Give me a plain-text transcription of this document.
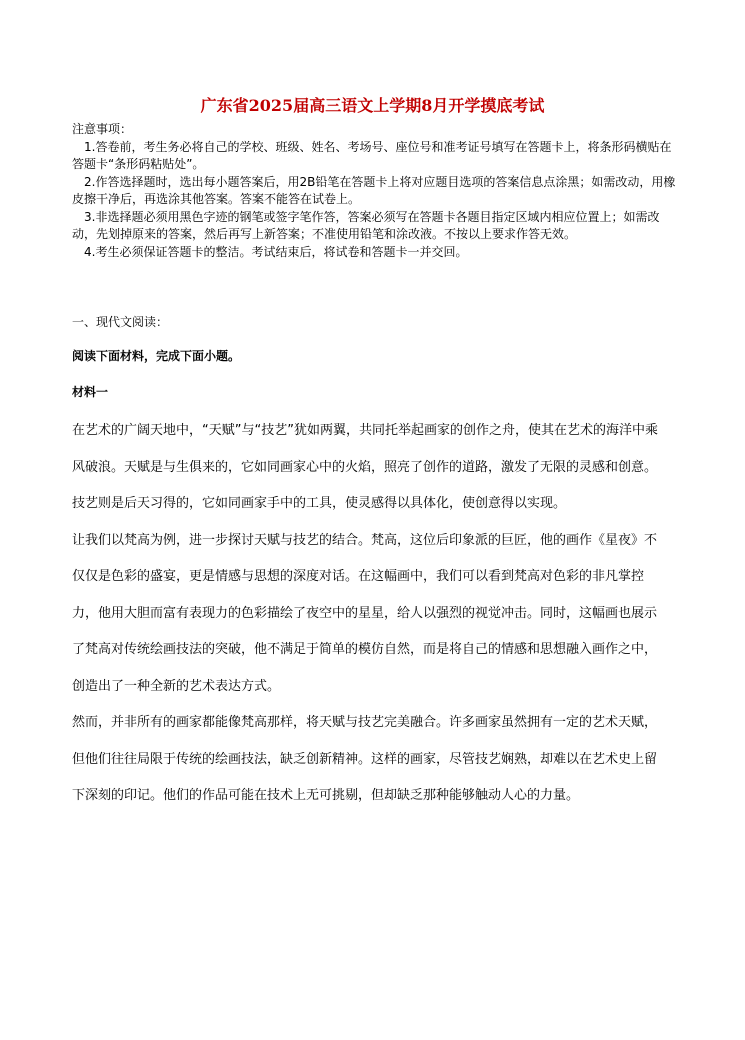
广东省2025届高三语文上学期8月开学摸底考试

注意事项：

1.答卷前，考生务必将自己的学校、班级、姓名、考场号、座位号和准考证号填写在答题卡上，将条形码横贴在答题卡“条形码粘贴处”。

2.作答选择题时，选出每小题答案后，用2B铅笔在答题卡上将对应题目选项的答案信息点涂黑；如需改动，用橡皮擦干净后，再选涂其他答案。答案不能答在试卷上。

3.非选择题必须用黑色字迹的钢笔或签字笔作答，答案必须写在答题卡各题目指定区域内相应位置上；如需改动，先划掉原来的答案，然后再写上新答案；不准使用铅笔和涂改液。不按以上要求作答无效。

4.考生必须保证答题卡的整洁。考试结束后，将试卷和答题卡一并交回。

一、现代文阅读：

阅读下面材料，完成下面小题。

材料一

在艺术的广阔天地中，“天赋”与“技艺”犹如两翼，共同托举起画家的创作之舟，使其在艺术的海洋中乘风破浪。天赋是与生俱来的，它如同画家心中的火焰，照亮了创作的道路，激发了无限的灵感和创意。技艺则是后天习得的，它如同画家手中的工具，使灵感得以具体化，使创意得以实现。

让我们以梵高为例，进一步探讨天赋与技艺的结合。梵高，这位后印象派的巨匠，他的画作《星夜》不仅仅是色彩的盛宴，更是情感与思想的深度对话。在这幅画中，我们可以看到梵高对色彩的非凡掌控力，他用大胆而富有表现力的色彩描绘了夜空中的星星，给人以强烈的视觉冲击。同时，这幅画也展示了梵高对传统绘画技法的突破，他不满足于简单的模仿自然，而是将自己的情感和思想融入画作之中，创造出了一种全新的艺术表达方式。

然而，并非所有的画家都能像梵高那样，将天赋与技艺完美融合。许多画家虽然拥有一定的艺术天赋，但他们往往局限于传统的绘画技法，缺乏创新精神。这样的画家，尽管技艺娴熟，却难以在艺术史上留下深刻的印记。他们的作品可能在技术上无可挑剔，但却缺乏那种能够触动人心的力量。
